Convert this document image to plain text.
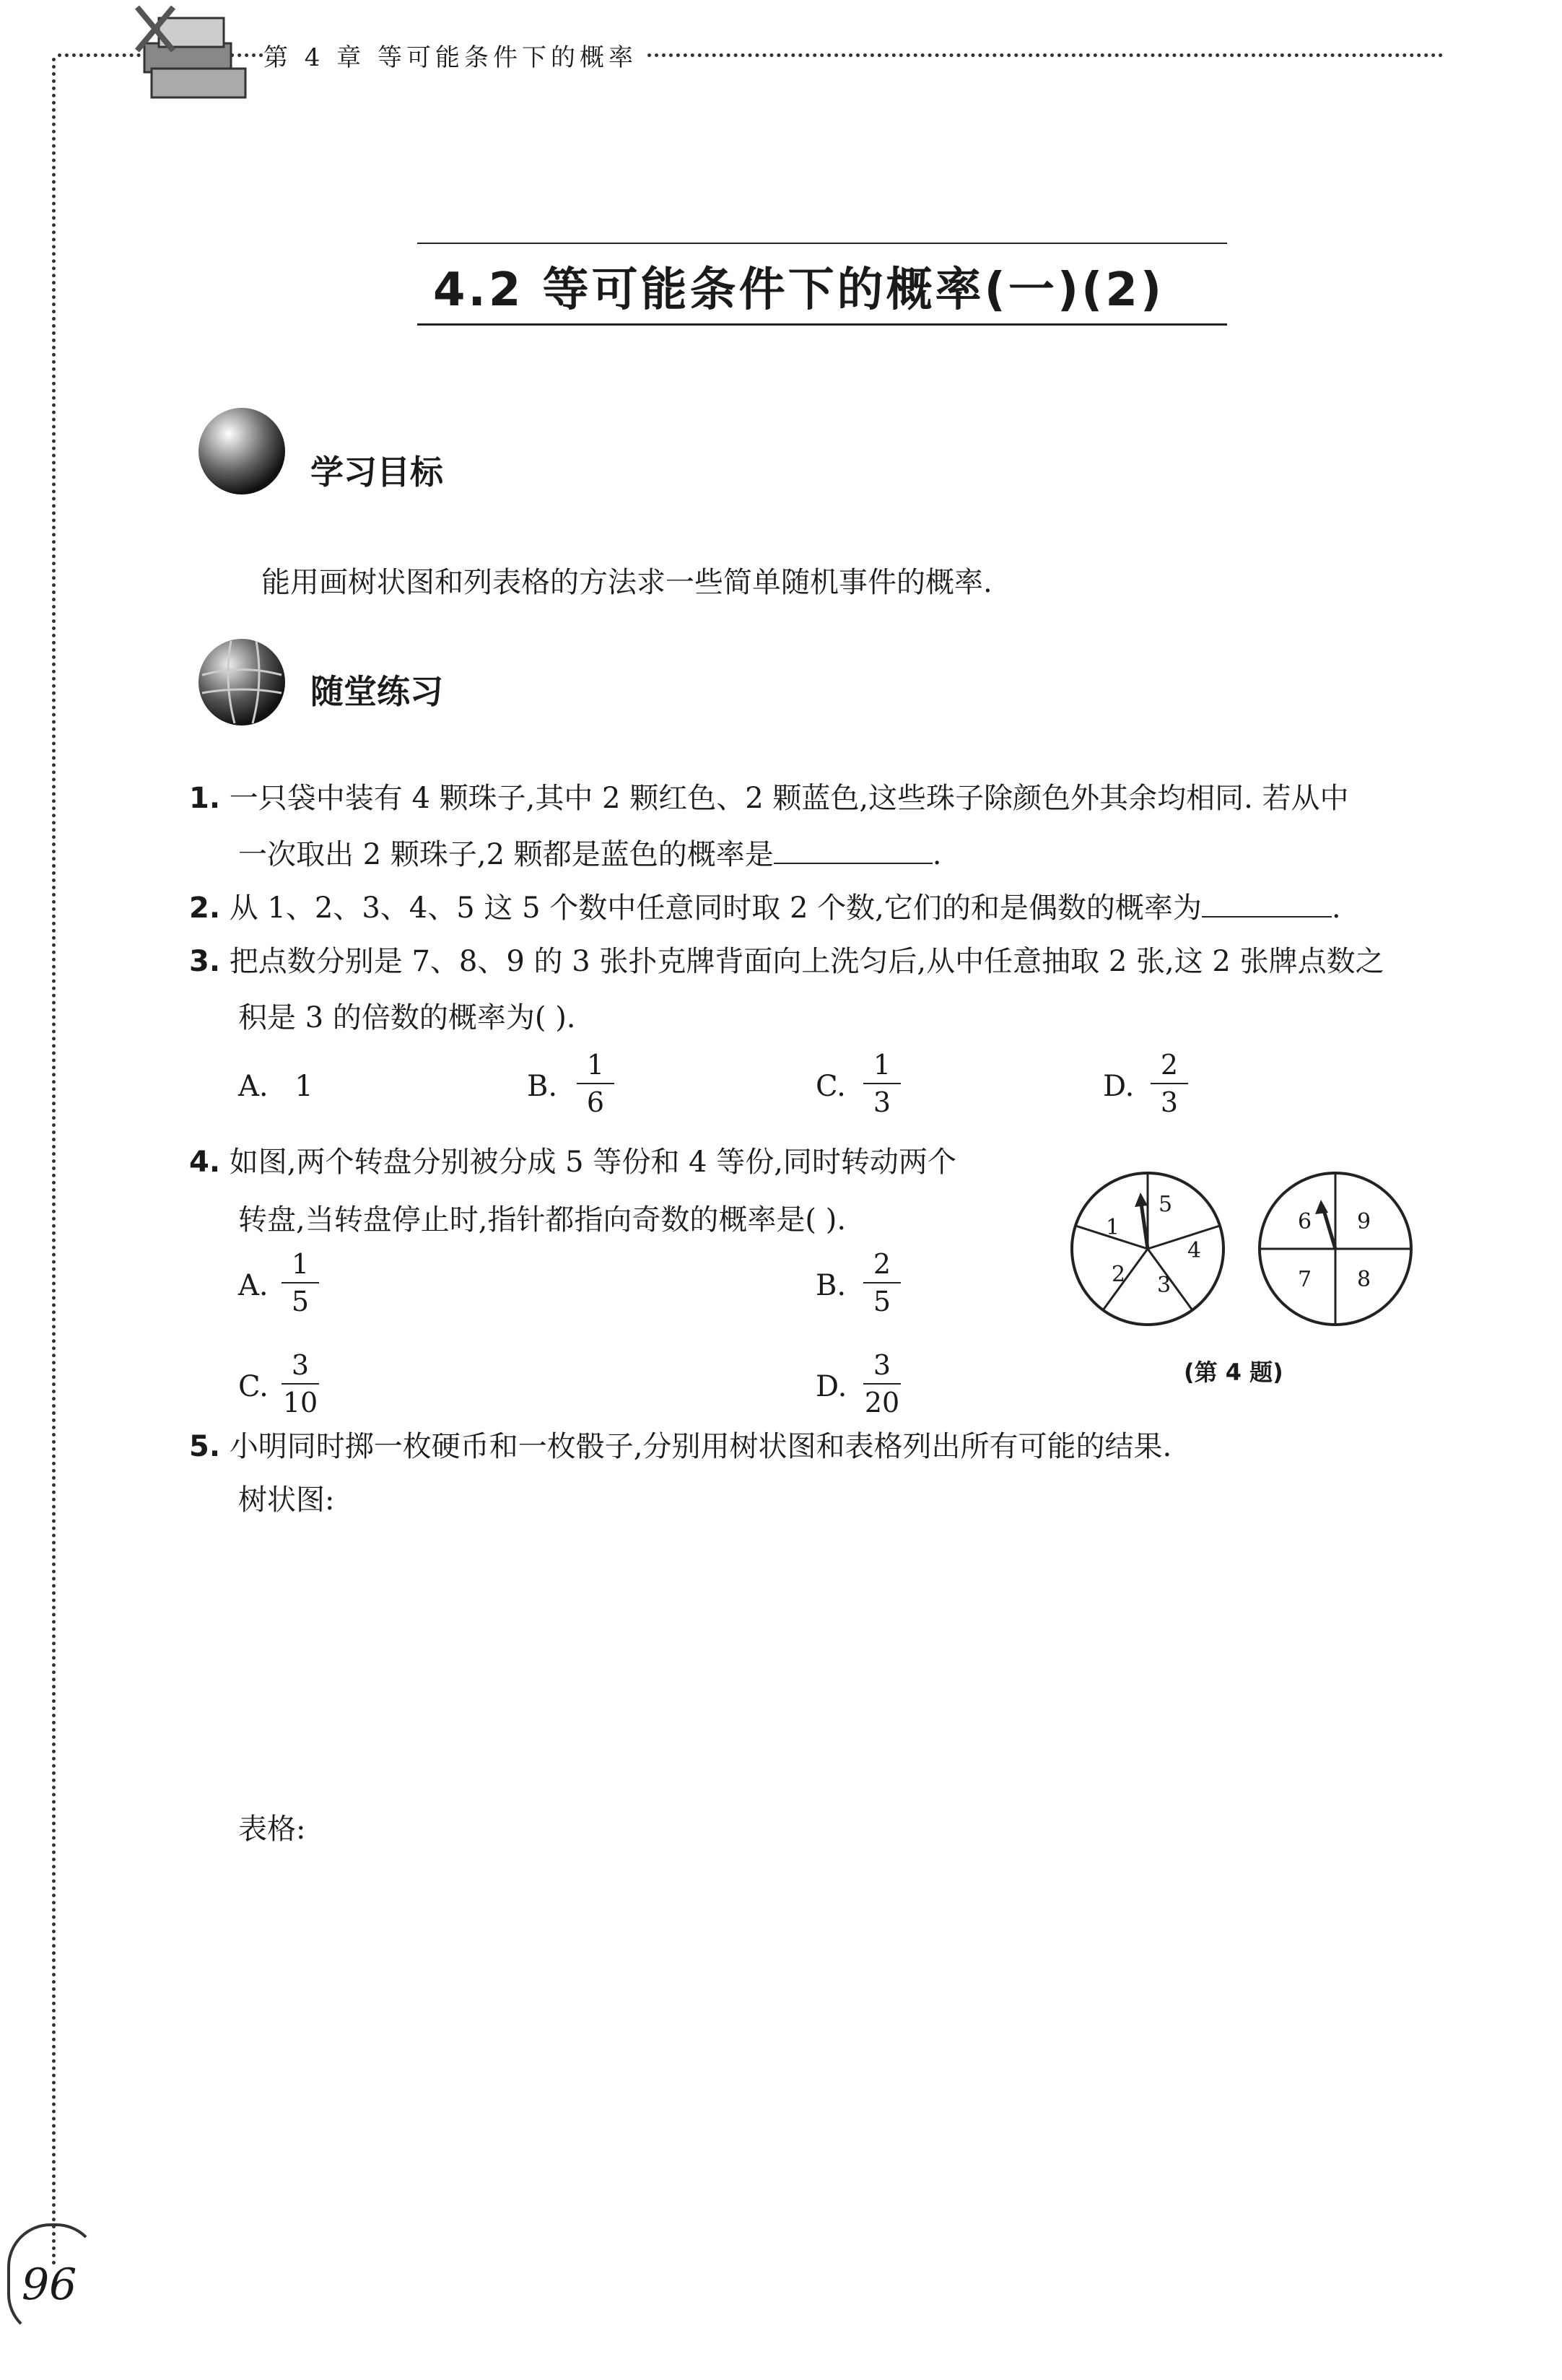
第 4 章 等可能条件下的概率
4.2 等可能条件下的概率(一)(2)
学习目标
能用画树状图和列表格的方法求一些简单随机事件的概率.
随堂练习
1. 一只袋中装有 4 颗珠子,其中 2 颗红色、2 颗蓝色,这些珠子除颜色外其余均相同. 若从中
一次取出 2 颗珠子,2 颗都是蓝色的概率是	.
2. 从 1、2、3、4、5 这 5 个数中任意同时取 2 个数,它们的和是偶数的概率为	.
3. 把点数分别是 7、8、9 的 3 张扑克牌背面向上洗匀后,从中任意抽取 2 张,这 2 张牌点数之
积是 3 的倍数的概率为( ).
A. 1	B.
1
6	C.
1
3	D.
2
3
4. 如图,两个转盘分别被分成 5 等份和 4 等份,同时转动两个
转盘,当转盘停止时,指针都指向奇数的概率是( ).
A.
1
5	B.
2
5
C.
3
10	D.
3
20
1
5
4
3
2
6 9
7 8
(第 4 题)
5. 小明同时掷一枚硬币和一枚骰子,分别用树状图和表格列出所有可能的结果.
树状图:
表格:
96
